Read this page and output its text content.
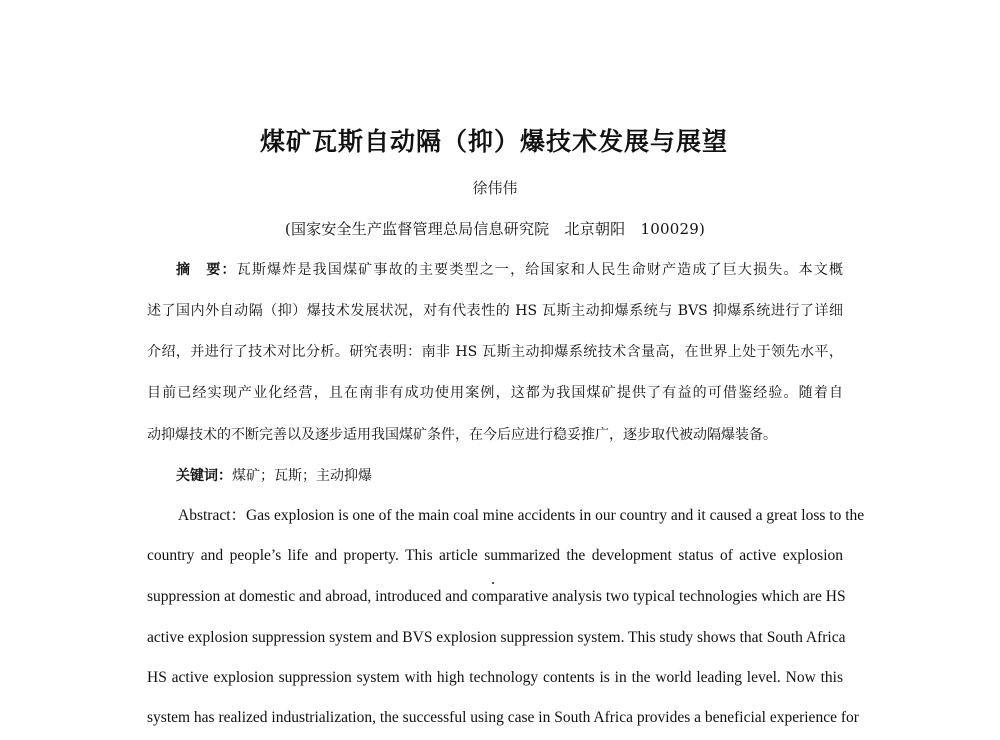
煤矿瓦斯自动隔（抑）爆技术发展与展望
徐伟伟
(国家安全生产监督管理总局信息研究院　北京朝阳　100029)
摘　要：瓦斯爆炸是我国煤矿事故的主要类型之一，给国家和人民生命财产造成了巨大损失。本文概
述了国内外自动隔（抑）爆技术发展状况，对有代表性的 HS 瓦斯主动抑爆系统与 BVS 抑爆系统进行了详细
介绍，并进行了技术对比分析。研究表明：南非 HS 瓦斯主动抑爆系统技术含量高，在世界上处于领先水平，
目前已经实现产业化经营，且在南非有成功使用案例，这都为我国煤矿提供了有益的可借鉴经验。随着自
动抑爆技术的不断完善以及逐步适用我国煤矿条件，在今后应进行稳妥推广，逐步取代被动隔爆装备。
关键词：煤矿；瓦斯；主动抑爆
Abstract：Gas explosion is one of the main coal mine accidents in our country and it caused a great loss to the
country and people’s life and property. This article summarized the development status of active explosion
suppression at domestic and abroad, introduced and comparative analysis two typical technologies which are HS
active explosion suppression system and BVS explosion suppression system. This study shows that South Africa
HS active explosion suppression system with high technology contents is in the world leading level. Now this
system has realized industrialization, the successful using case in South Africa provides a beneficial experience for
